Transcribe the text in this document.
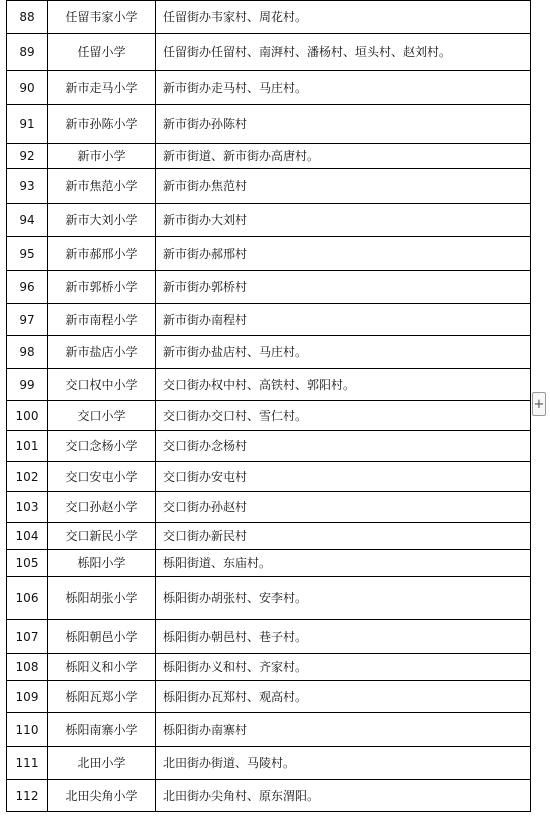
88	任留韦家小学	任留街办韦家村、周花村。
89	任留小学	任留街办任留村、南湃村、潘杨村、垣头村、赵刘村。
90	新市走马小学	新市街办走马村、马庄村。
91	新市孙陈小学	新市街办孙陈村
92	新市小学	新市街道、新市街办高唐村。
93	新市焦范小学	新市街办焦范村
94	新市大刘小学	新市街办大刘村
95	新市郝邢小学	新市街办郝邢村
96	新市郭桥小学	新市街办郭桥村
97	新市南程小学	新市街办南程村
98	新市盐店小学	新市街办盐店村、马庄村。
99	交口权中小学	交口街办权中村、高铁村、郭阳村。
100	交口小学	交口街办交口村、雪仁村。
101	交口念杨小学	交口街办念杨村
102	交口安屯小学	交口街办安屯村
103	交口孙赵小学	交口街办孙赵村
104	交口新民小学	交口街办新民村
105	栎阳小学	栎阳街道、东庙村。
106	栎阳胡张小学	栎阳街办胡张村、安李村。
107	栎阳朝邑小学	栎阳街办朝邑村、巷子村。
108	栎阳义和小学	栎阳街办义和村、齐家村。
109	栎阳瓦郑小学	栎阳街办瓦郑村、观高村。
110	栎阳南寨小学	栎阳街办南寨村
111	北田小学	北田街办街道、马陵村。
112	北田尖角小学	北田街办尖角村、原东渭阳。
+
